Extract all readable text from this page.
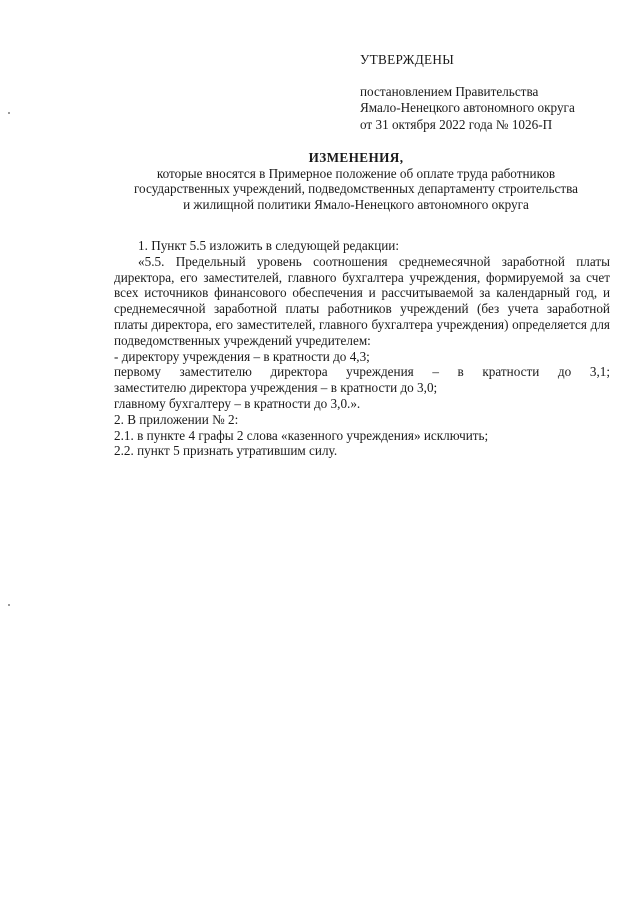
УТВЕРЖДЕНЫ
постановлением Правительства
Ямало-Ненецкого автономного округа
от 31 октября 2022 года № 1026-П
ИЗМЕНЕНИЯ,
которые вносятся в Примерное положение об оплате труда работников
государственных учреждений, подведомственных департаменту строительства
и жилищной политики Ямало-Ненецкого автономного округа

1. Пункт 5.5 изложить в следующей редакции:

«5.5. Предельный уровень соотношения среднемесячной заработной платы директора, его заместителей, главного бухгалтера учреждения, формируемой за счет всех источников финансового обеспечения и рассчитываемой за календарный год, и среднемесячной заработной платы работников учреждений (без учета заработной платы директора, его заместителей, главного бухгалтера учреждения) определяется для подведомственных учреждений учредителем:

- директору учреждения – в кратности до 4,3;

первому заместителю директора учреждения – в кратности до 3,1;

заместителю директора учреждения – в кратности до 3,0;

главному бухгалтеру – в кратности до 3,0.».

2. В приложении № 2:

2.1. в пункте 4 графы 2 слова «казенного учреждения» исключить;

2.2. пункт 5 признать утратившим силу.
